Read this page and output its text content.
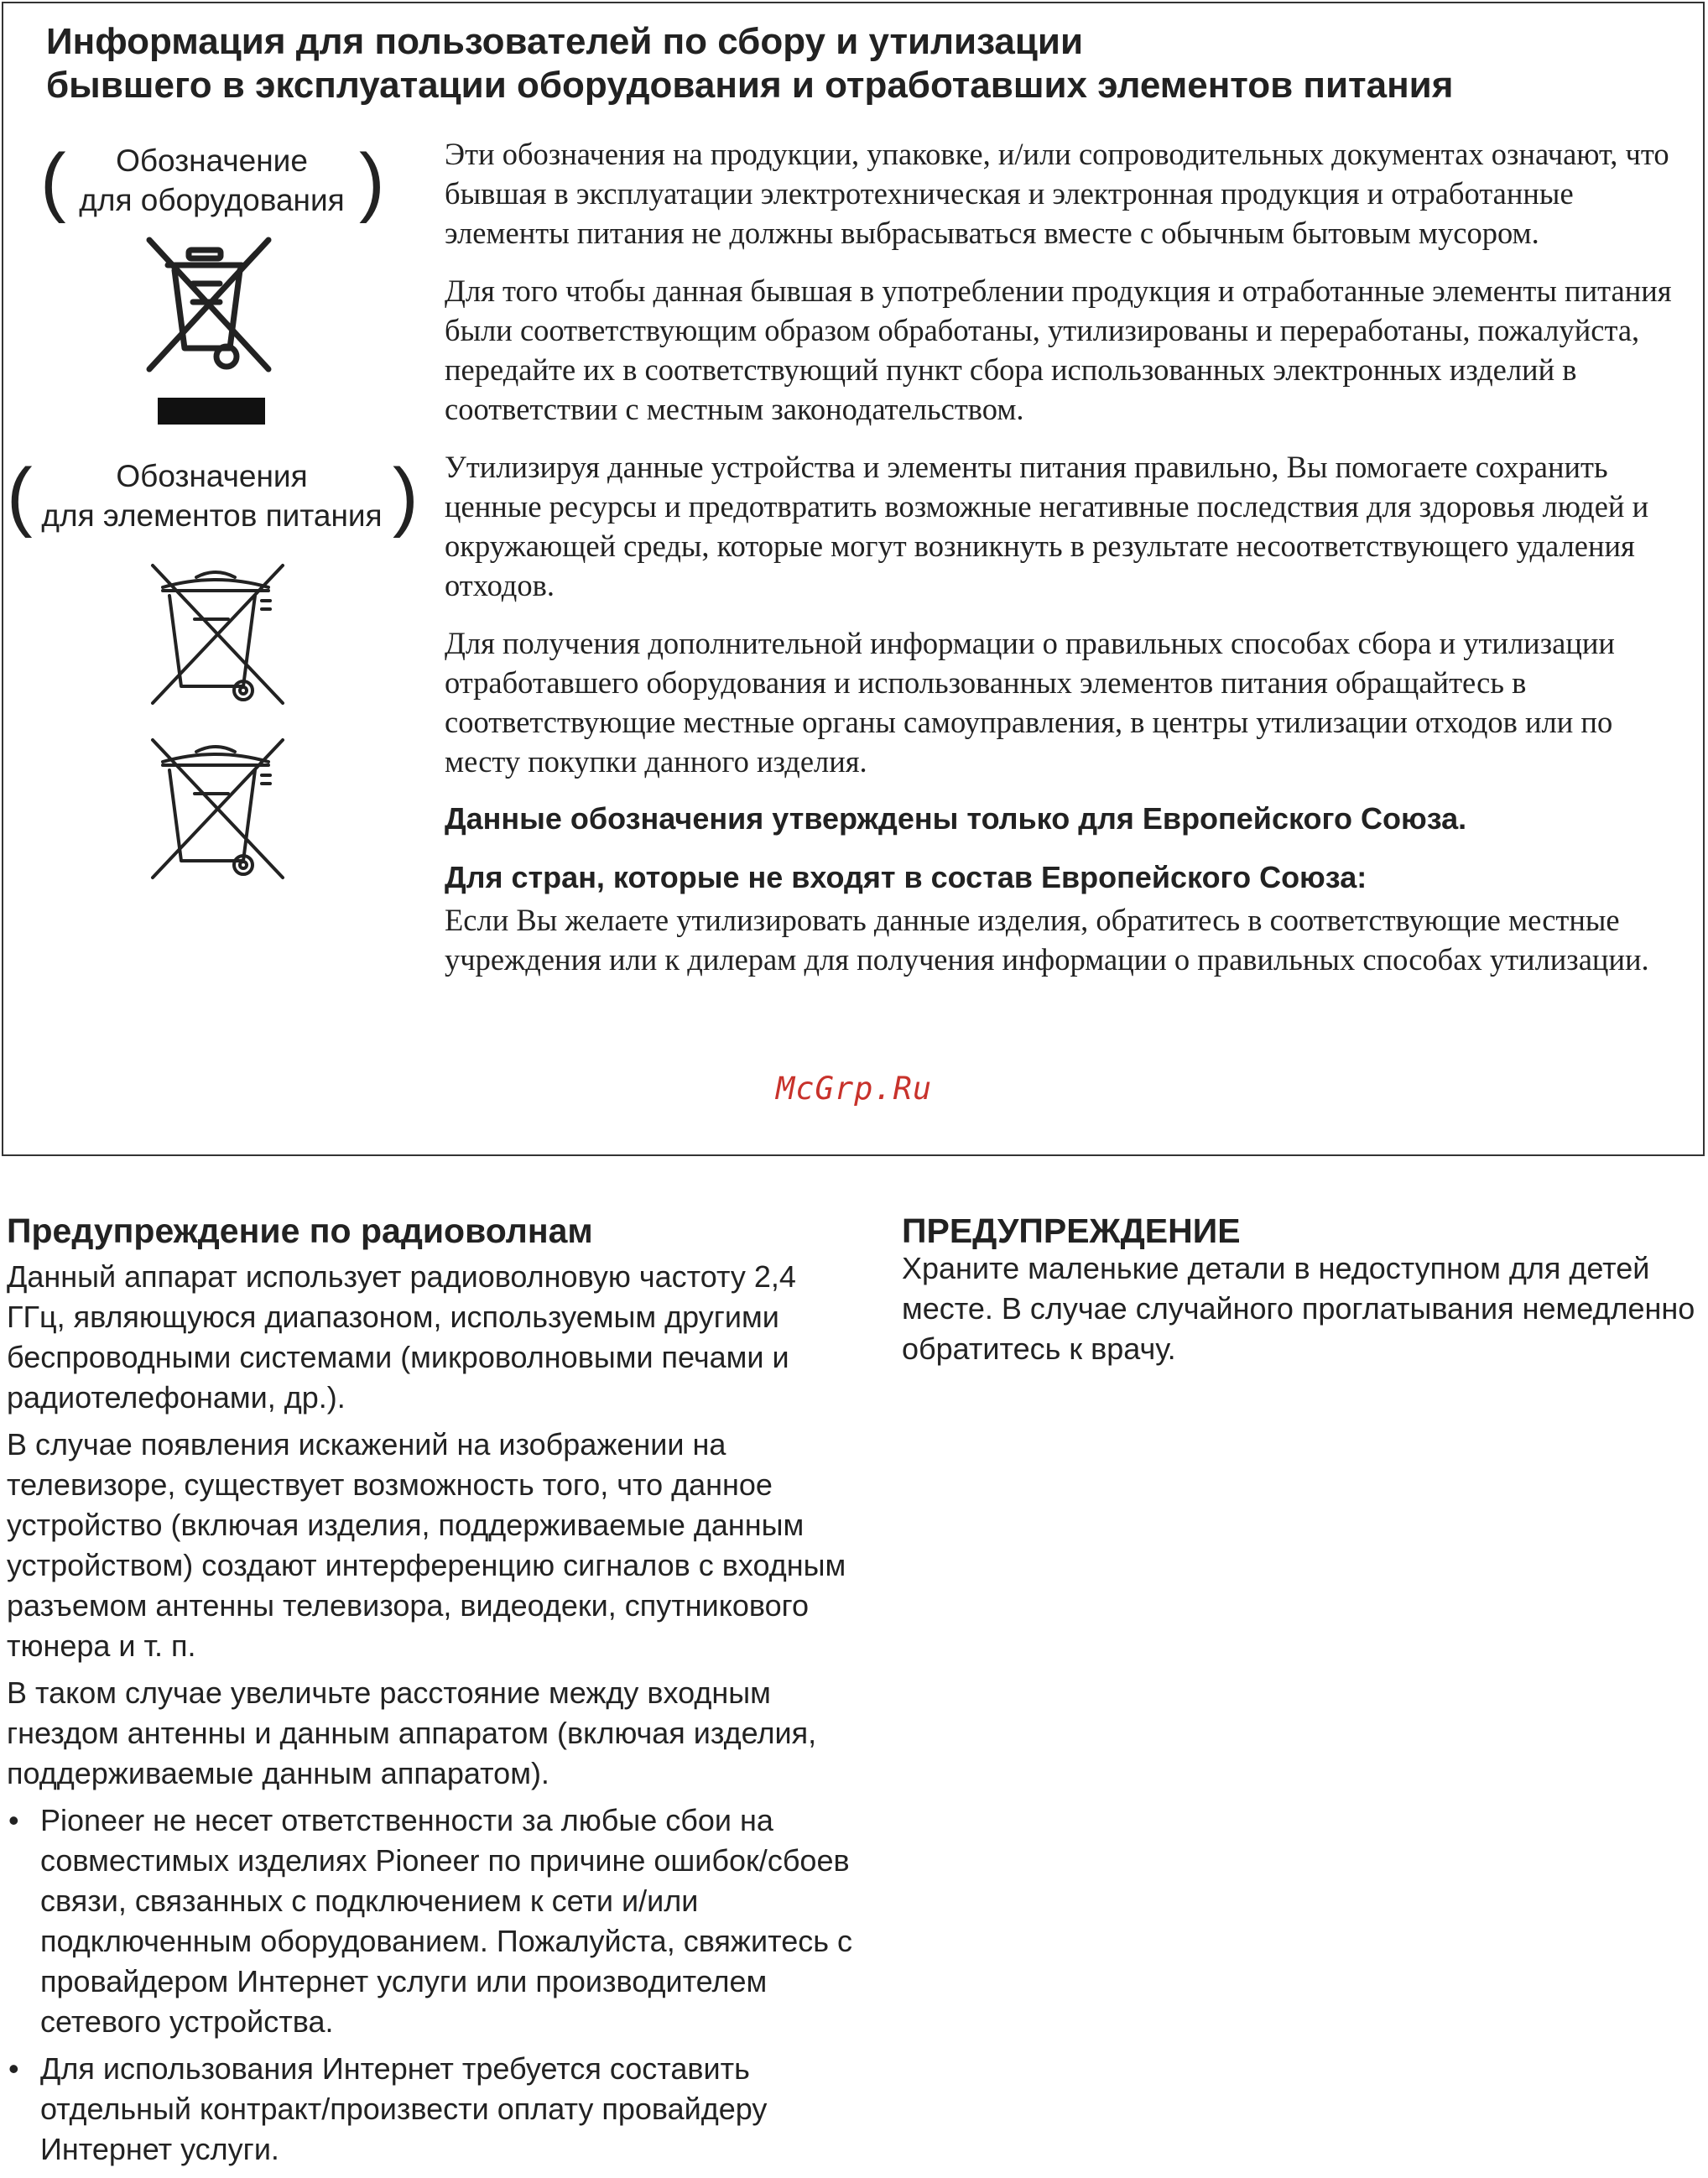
Информация для пользователей по сбору и утилизации
бывшего в эксплуатации оборудования и отработавших элементов питания
(	Обозначение
для оборудования )
(	Обозначения
для элементов питания )

Эти обозначения на продукции, упаковке, и/или сопроводительных документах означают, что бывшая в эксплуатации электротехническая и электронная продукция и отработанные элементы питания не должны выбрасываться вместе с обычным бытовым мусором.

Для того чтобы данная бывшая в употреблении продукция и отработанные элементы питания были соответствующим образом обработаны, утилизированы и переработаны, пожалуйста, передайте их в соответствующий пункт сбора использованных электронных изделий в соответствии с местным законодательством.

Утилизируя данные устройства и элементы питания правильно, Вы помогаете сохранить ценные ресурсы и предотвратить возможные негативные последствия для здоровья людей и окружающей среды, которые могут возникнуть в результате несоответствующего удаления отходов.

Для получения дополнительной информации о правильных способах сбора и утилизации отработавшего оборудования и использованных элементов питания обращайтесь в соответствующие местные органы самоуправления, в центры утилизации отходов или по месту покупки данного изделия.

Данные обозначения утверждены только для Европейского Союза.

Для стран, которые не входят в состав Европейского Союза:

Если Вы желаете утилизировать данные изделия, обратитесь в соответствующие местные учреждения или к дилерам для получения информации о правильных способах утилизации.

McGrp.Ru
Предупреждение по радиоволнам

Данный аппарат использует радиоволновую частоту 2,4 ГГц, являющуюся диапазоном, используемым другими беспроводными системами (микроволновыми печами и радиотелефонами, др.).

В случае появления искажений на изображении на телевизоре, существует возможность того, что данное устройство (включая изделия, поддерживаемые данным устройством) создают интерференцию сигналов с входным разъемом антенны телевизора, видеодеки, спутникового тюнера и т. п.

В таком случае увеличьте расстояние между входным гнездом антенны и данным аппаратом (включая изделия, поддерживаемые данным аппаратом).

• Pioneer не несет ответственности за любые сбои на совместимых изделиях Pioneer по причине ошибок/сбоев связи, связанных с подключением к сети и/или подключенным оборудованием. Пожалуйста, свяжитесь с провайдером Интернет услуги или производителем сетевого устройства.
• Для использования Интернет требуется составить отдельный контракт/произвести оплату провайдеру Интернет услуги.
ПРЕДУПРЕЖДЕНИЕ

Храните маленькие детали в недоступном для детей месте. В случае случайного проглатывания немедленно обратитесь к врачу.
